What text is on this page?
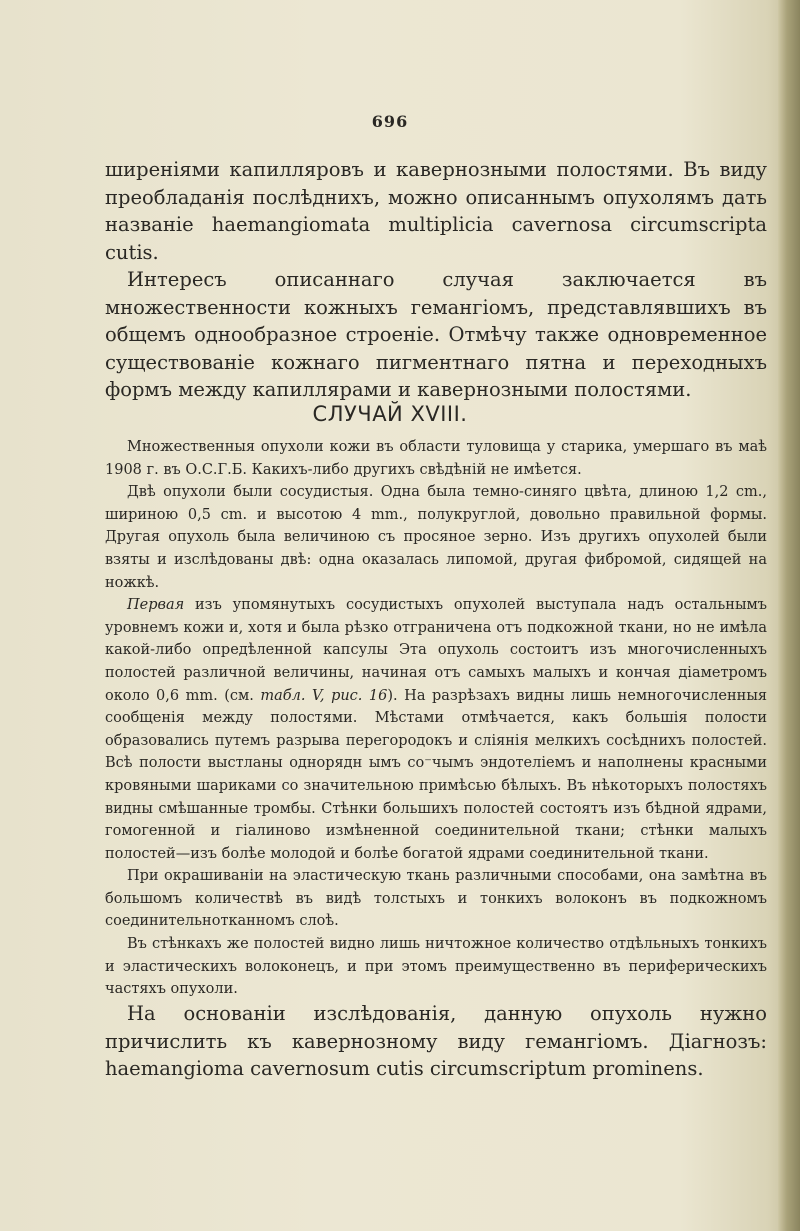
696

ширеніями капилляровъ и кавернозными полостями. Въ виду преобладанія послѣднихъ, можно описаннымъ опухолямъ дать названіе haemangiomata multiplicia cavernosa circumscripta cutis.

Интересъ описаннаго случая заключается въ множественности кожныхъ гемангіомъ, представлявшихъ въ общемъ однообразное строеніе. Отмѣчу также одновременное существованіе кожнаго пигментнаго пятна и переходныхъ формъ между капиллярами и кавернозными полостями.

СЛУЧАЙ XVIII.

Множественныя опухоли кожи въ области туловища у старика, умершаго въ маѣ 1908 г. въ О.С.Г.Б. Какихъ-либо другихъ свѣдѣній не имѣется.

Двѣ опухоли были сосудистыя. Одна была темно-синяго цвѣта, длиною 1,2 cm., шириною 0,5 cm. и высотою 4 mm., полукруглой, довольно правильной формы. Другая опухоль была величиною съ просяное зерно. Изъ другихъ опухолей были взяты и изслѣдованы двѣ: одна оказалась липомой, другая фибромой, сидящей на ножкѣ.

Первая изъ упомянутыхъ сосудистыхъ опухолей выступала надъ остальнымъ уровнемъ кожи и, хотя и была рѣзко отграничена отъ подкожной ткани, но не имѣла какой-либо опредѣленной капсулы Эта опухоль состоитъ изъ многочисленныхъ полостей различной величины, начиная отъ самыхъ малыхъ и кончая діаметромъ около 0,6 mm. (см. табл. V, рис. 16). На разрѣзахъ видны лишь немногочисленныя сообщенія между полостями. Мѣстами отмѣчается, какъ большія полости образовались путемъ разрыва перегородокъ и сліянія мелкихъ сосѣднихъ полостей. Всѣ полости выстланы однорядн ымъ со⁻чымъ эндотеліемъ и наполнены красными кровяными шариками со значительною примѣсью бѣлыхъ. Въ нѣкоторыхъ полостяхъ видны смѣшанные тромбы. Стѣнки большихъ полостей состоятъ изъ бѣдной ядрами, гомогенной и гіалиново измѣненной соединительной ткани; стѣнки малыхъ полостей—изъ болѣе молодой и болѣе богатой ядрами соединительной ткани.

При окрашиваніи на эластическую ткань различными способами, она замѣтна въ большомъ количествѣ въ видѣ толстыхъ и тонкихъ волоконъ въ подкожномъ соединительнотканномъ слоѣ.

Въ стѣнкахъ же полостей видно лишь ничтожное количество отдѣльныхъ тонкихъ и эластическихъ волоконецъ, и при этомъ преимущественно въ периферическихъ частяхъ опухоли.

На основаніи изслѣдованія, данную опухоль нужно причислить къ кавернозному виду гемангіомъ. Діагнозъ: haemangioma cavernosum cutis circumscriptum prominens.
